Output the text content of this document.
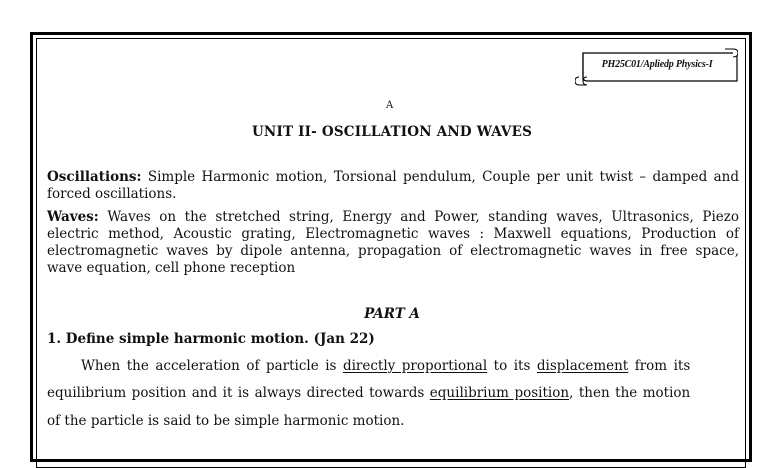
PH25C01/Apliedp Physics-I
A
UNIT II- OSCILLATION AND WAVES
Oscillations: Simple Harmonic motion, Torsional pendulum, Couple per unit twist – damped and forced oscillations.
Waves: Waves on the stretched string, Energy and Power, standing waves, Ultrasonics, Piezo electric method, Acoustic grating, Electromagnetic waves : Maxwell equations, Production of electromagnetic waves by dipole antenna, propagation of electromagnetic waves in free space, wave equation, cell phone reception
PART A
1. Define simple harmonic motion. (Jan 22)
When the acceleration of particle is directly proportional to its displacement from its
equilibrium position and it is always directed towards equilibrium position, then the motion
of the particle is said to be simple harmonic motion.
